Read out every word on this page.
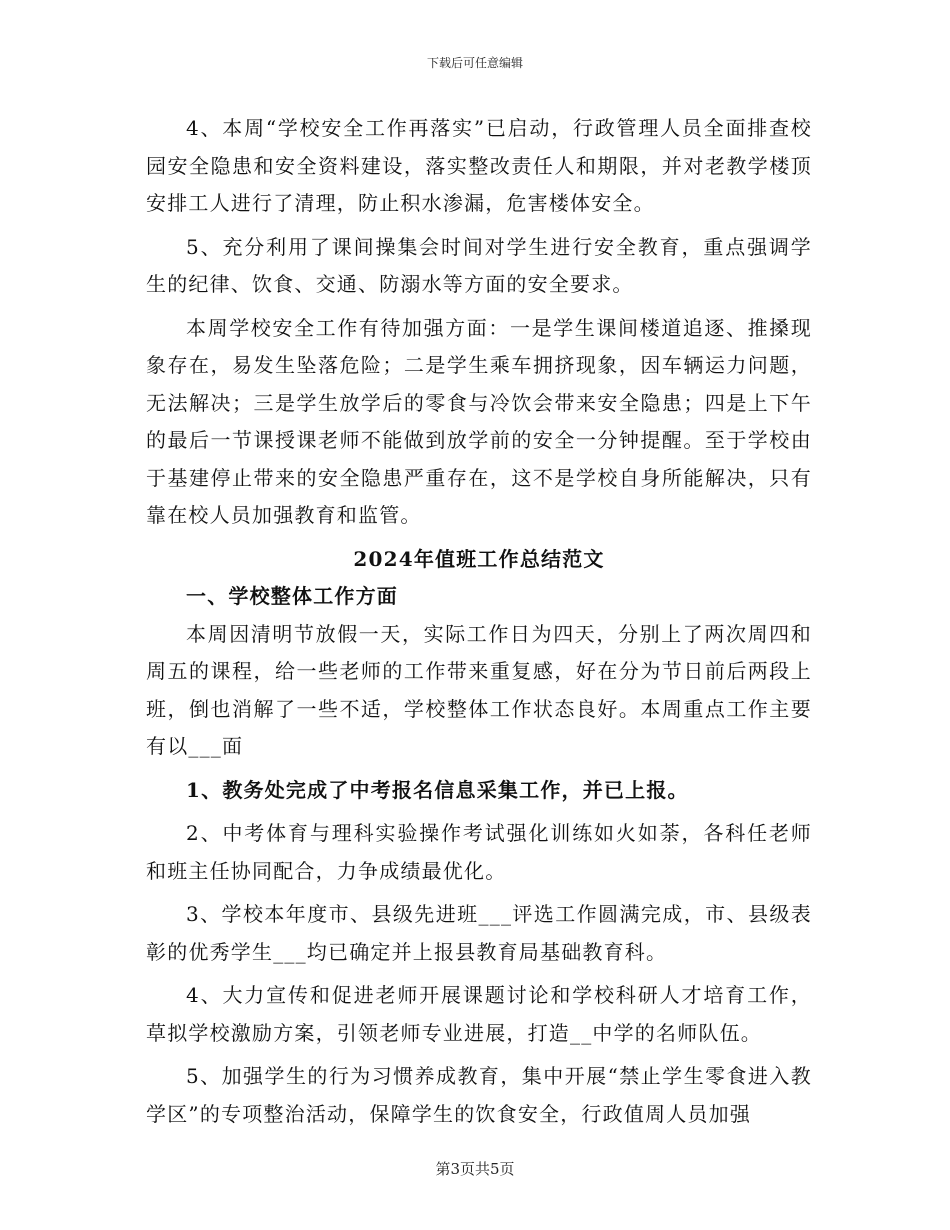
下载后可任意编辑

4、本周“学校安全工作再落实”已启动，行政管理人员全面排查校园安全隐患和安全资料建设，落实整改责任人和期限，并对老教学楼顶安排工人进行了清理，防止积水渗漏，危害楼体安全。

5、充分利用了课间操集会时间对学生进行安全教育，重点强调学生的纪律、饮食、交通、防溺水等方面的安全要求。

本周学校安全工作有待加强方面：一是学生课间楼道追逐、推搡现象存在，易发生坠落危险；二是学生乘车拥挤现象，因车辆运力问题，无法解决；三是学生放学后的零食与冷饮会带来安全隐患；四是上下午的最后一节课授课老师不能做到放学前的安全一分钟提醒。至于学校由于基建停止带来的安全隐患严重存在，这不是学校自身所能解决，只有靠在校人员加强教育和监管。

2024年值班工作总结范文
一、学校整体工作方面

本周因清明节放假一天，实际工作日为四天，分别上了两次周四和周五的课程，给一些老师的工作带来重复感，好在分为节日前后两段上班，倒也消解了一些不适，学校整体工作状态良好。本周重点工作主要有以___面

1、教务处完成了中考报名信息采集工作，并已上报。

2、中考体育与理科实验操作考试强化训练如火如荼，各科任老师和班主任协同配合，力争成绩最优化。

3、学校本年度市、县级先进班___评选工作圆满完成，市、县级表彰的优秀学生___均已确定并上报县教育局基础教育科。

4、大力宣传和促进老师开展课题讨论和学校科研人才培育工作，草拟学校激励方案，引领老师专业进展，打造__中学的名师队伍。

5、加强学生的行为习惯养成教育，集中开展“禁止学生零食进入教学区”的专项整治活动，保障学生的饮食安全，行政值周人员加强

第3页共5页
